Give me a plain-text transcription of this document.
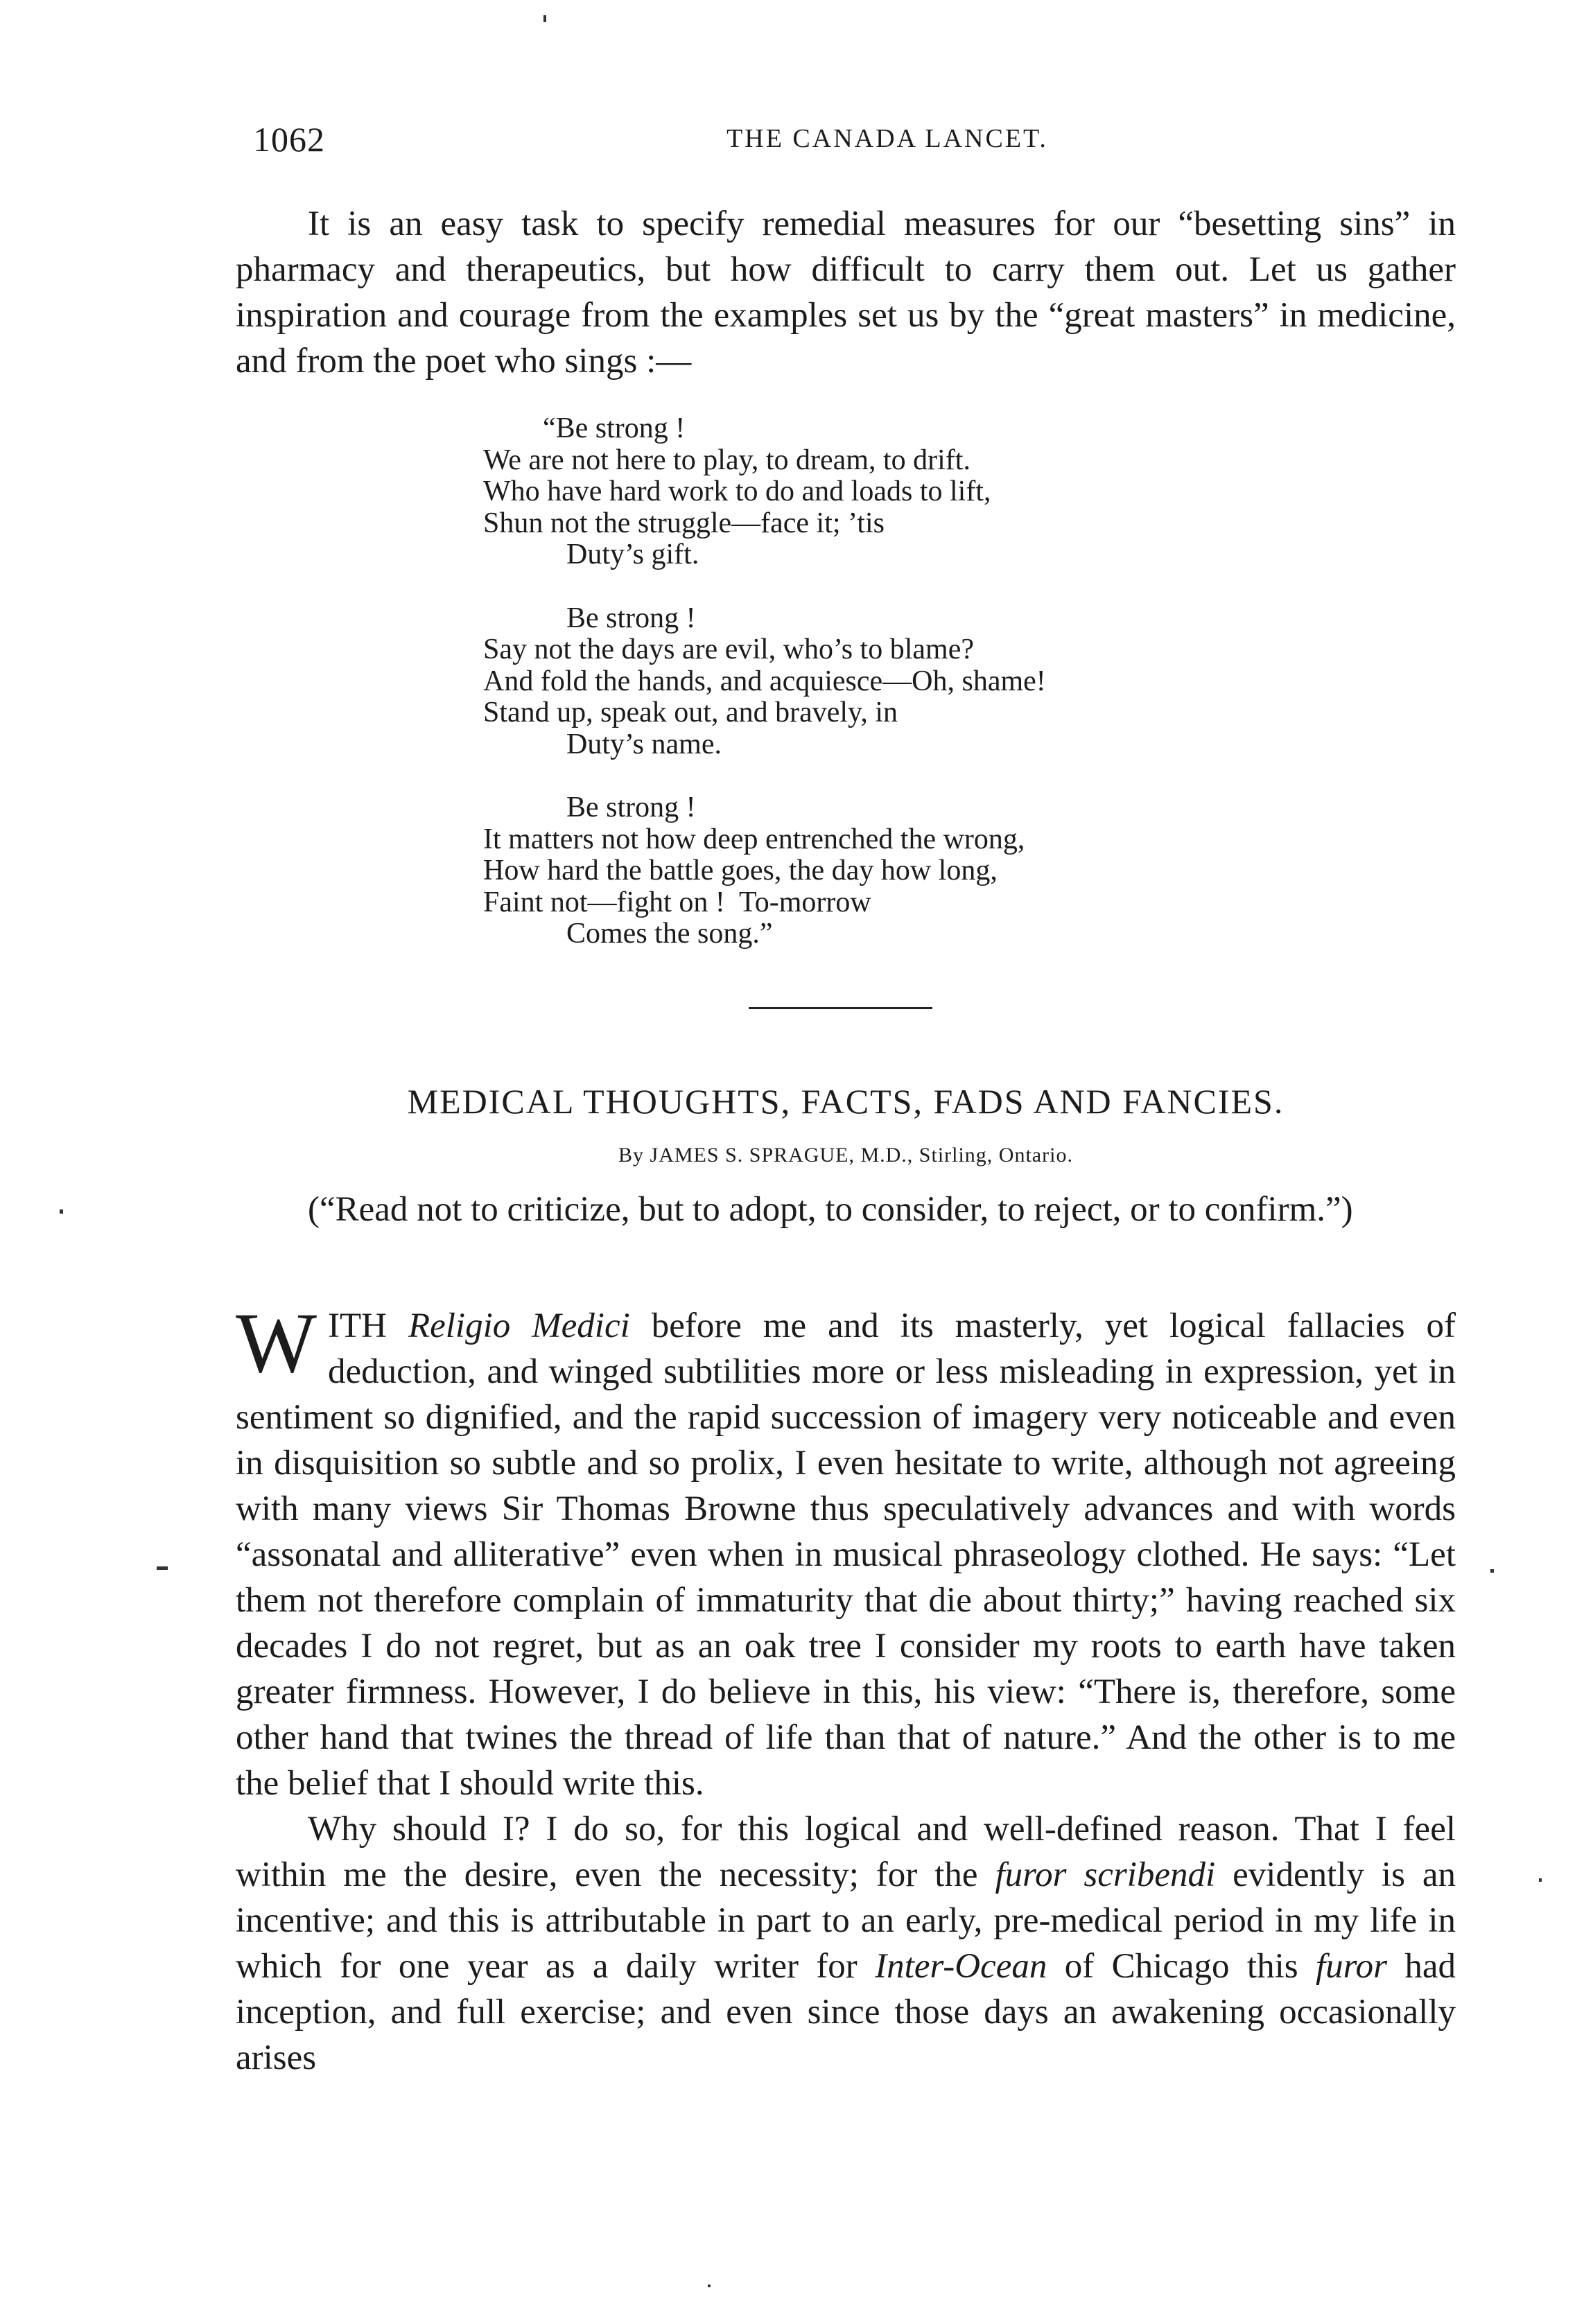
1062	THE CANADA LANCET.

It is an easy task to specify remedial measures for our “besetting sins” in pharmacy and therapeutics, but how difficult to carry them out. Let us gather inspiration and courage from the examples set us by the “great masters” in medicine, and from the poet who sings :—

“Be strong !
We are not here to play, to dream, to drift.
Who have hard work to do and loads to lift,
Shun not the struggle—face it; ’tis
Duty’s gift.
Be strong !
Say not the days are evil, who’s to blame?
And fold the hands, and acquiesce—Oh, shame!
Stand up, speak out, and bravely, in
Duty’s name.
Be strong !
It matters not how deep entrenched the wrong,
How hard the battle goes, the day how long,
Faint not—fight on !  To-morrow
Comes the song.”
MEDICAL THOUGHTS, FACTS, FADS AND FANCIES.
By JAMES S. SPRAGUE, M.D., Stirling, Ontario.

(“Read not to criticize, but to adopt, to consider, to reject, or to confirm.”)

WITH Religio Medici before me and its masterly, yet logical fallacies of deduction, and winged subtilities more or less misleading in expression, yet in sentiment so dignified, and the rapid succession of imagery very noticeable and even in disquisition so subtle and so prolix, I even hesitate to write, although not agreeing with many views Sir Thomas Browne thus speculatively advances and with words “assonatal and alliterative” even when in musical phraseology clothed. He says: “Let them not therefore complain of immaturity that die about thirty;” having reached six decades I do not regret, but as an oak tree I consider my roots to earth have taken greater firmness. However, I do believe in this, his view: “There is, therefore, some other hand that twines the thread of life than that of nature.” And the other is to me the belief that I should write this.

Why should I? I do so, for this logical and well-defined reason. That I feel within me the desire, even the necessity; for the furor scribendi evidently is an incentive; and this is attributable in part to an early, pre-medical period in my life in which for one year as a daily writer for Inter-Ocean of Chicago this furor had inception, and full exercise; and even since those days an awakening occasionally arises
